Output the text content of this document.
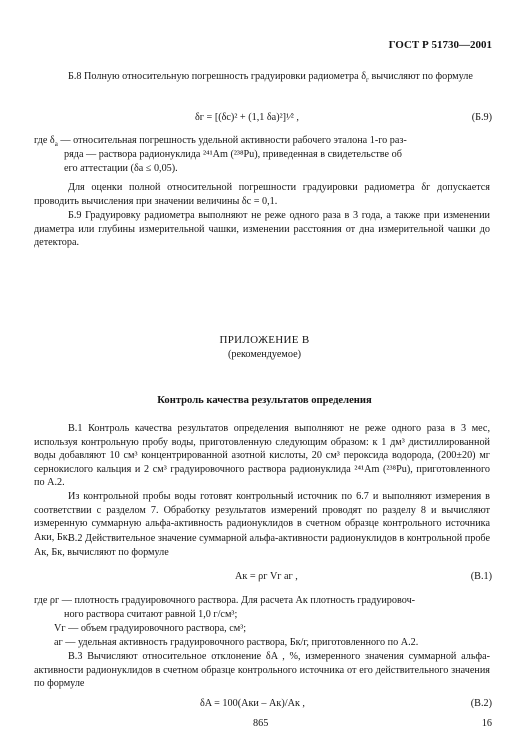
ГОСТ Р 51730—2001
Б.8 Полную относительную погрешность градуировки радиометра $\delta_г$ вычисляют по формуле
δг = [(δс)² + (1,1 δа)²]¹⁄² ,	(Б.9)
где $\delta_а$ — относительная погрешность удельной активности рабочего эталона 1-го раз-
ряда — раствора радионуклида ²⁴¹Am (²³⁸Pu), приведенная в свидетельстве об
его аттестации (δа ≤ 0,05).
Для оценки полной относительной погрешности градуировки радиометра δг допускается проводить вычисления при значении величины δс = 0,1.
Б.9 Градуировку радиометра выполняют не реже одного раза в 3 года, а также при изменении диаметра или глубины измерительной чашки, изменении расстояния от дна измерительной чашки до детектора.
ПРИЛОЖЕНИЕ В
(рекомендуемое)
Контроль качества результатов определения
В.1 Контроль качества результатов определения выполняют не реже одного раза в 3 мес, используя контрольную пробу воды, приготовленную следующим образом: к 1 дм³ дистиллированной воды добавляют 10 см³ концентрированной азотной кислоты, 20 см³ пероксида водорода, (200±20) мг сернокислого кальция и 2 см³ градуировочного раствора радионуклида ²⁴¹Am (²³⁸Pu), приготовленного по А.2.
Из контрольной пробы воды готовят контрольный источник по 6.7 и выполняют измерения в соответствии с разделом 7. Обработку результатов измерений проводят по разделу 8 и вычисляют измеренную суммарную альфа-активность радионуклидов в счетном образце контрольного источника Aки, Бк.
В.2 Действительное значение суммарной альфа-активности радионуклидов в контрольной пробе Aк, Бк, вычисляют по формуле
Aк = ρг Vг aг ,	(В.1)
где ρг — плотность градуировочного раствора. Для расчета Aк плотность градуировоч-
ного раствора считают равной 1,0 г/см³;
Vг — объем градуировочного раствора, см³;
aг — удельная активность градуировочного раствора, Бк/г, приготовленного по А.2.
В.3 Вычисляют относительное отклонение δA , %, измеренного значения суммарной альфа-активности радионуклидов в счетном образце контрольного источника от его действительного значения по формуле
δA = 100(Aки – Aк)/Aк ,	(В.2)
865	16
